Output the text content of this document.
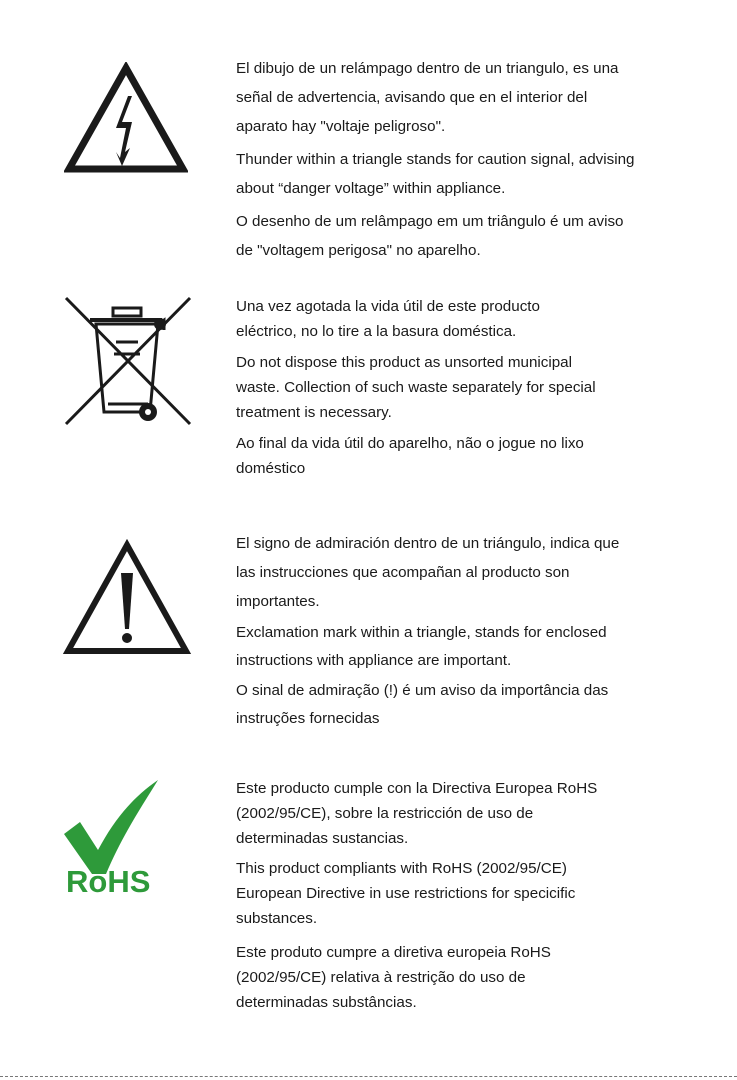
El dibujo de un relámpago dentro de un triangulo, es una
señal de advertencia, avisando que en el interior del
aparato hay "voltaje peligroso".

Thunder within a triangle stands for caution signal, advising
about “danger voltage” within appliance.

O desenho de um relâmpago em um triângulo é um aviso
de "voltagem perigosa" no aparelho.

Una vez agotada la vida útil de este producto
eléctrico, no lo tire a la basura doméstica.

Do not dispose this product as unsorted municipal
waste. Collection of such waste separately for special
treatment is necessary.

Ao final da vida útil do aparelho, não o jogue no lixo
doméstico

El signo de admiración dentro de un triángulo, indica que
las instrucciones que acompañan al producto son
importantes.

Exclamation mark within a triangle, stands for enclosed
instructions with appliance are important.

O sinal de admiração (!) é um aviso da importância das
instruções fornecidas

RoHS

Este producto cumple con la Directiva Europea RoHS
(2002/95/CE), sobre la restricción de uso de
determinadas sustancias.

This product compliants with RoHS (2002/95/CE)
European Directive in use restrictions for specicific
substances.

Este produto cumpre a diretiva europeia RoHS
(2002/95/CE) relativa à restrição do uso de
determinadas substâncias.
